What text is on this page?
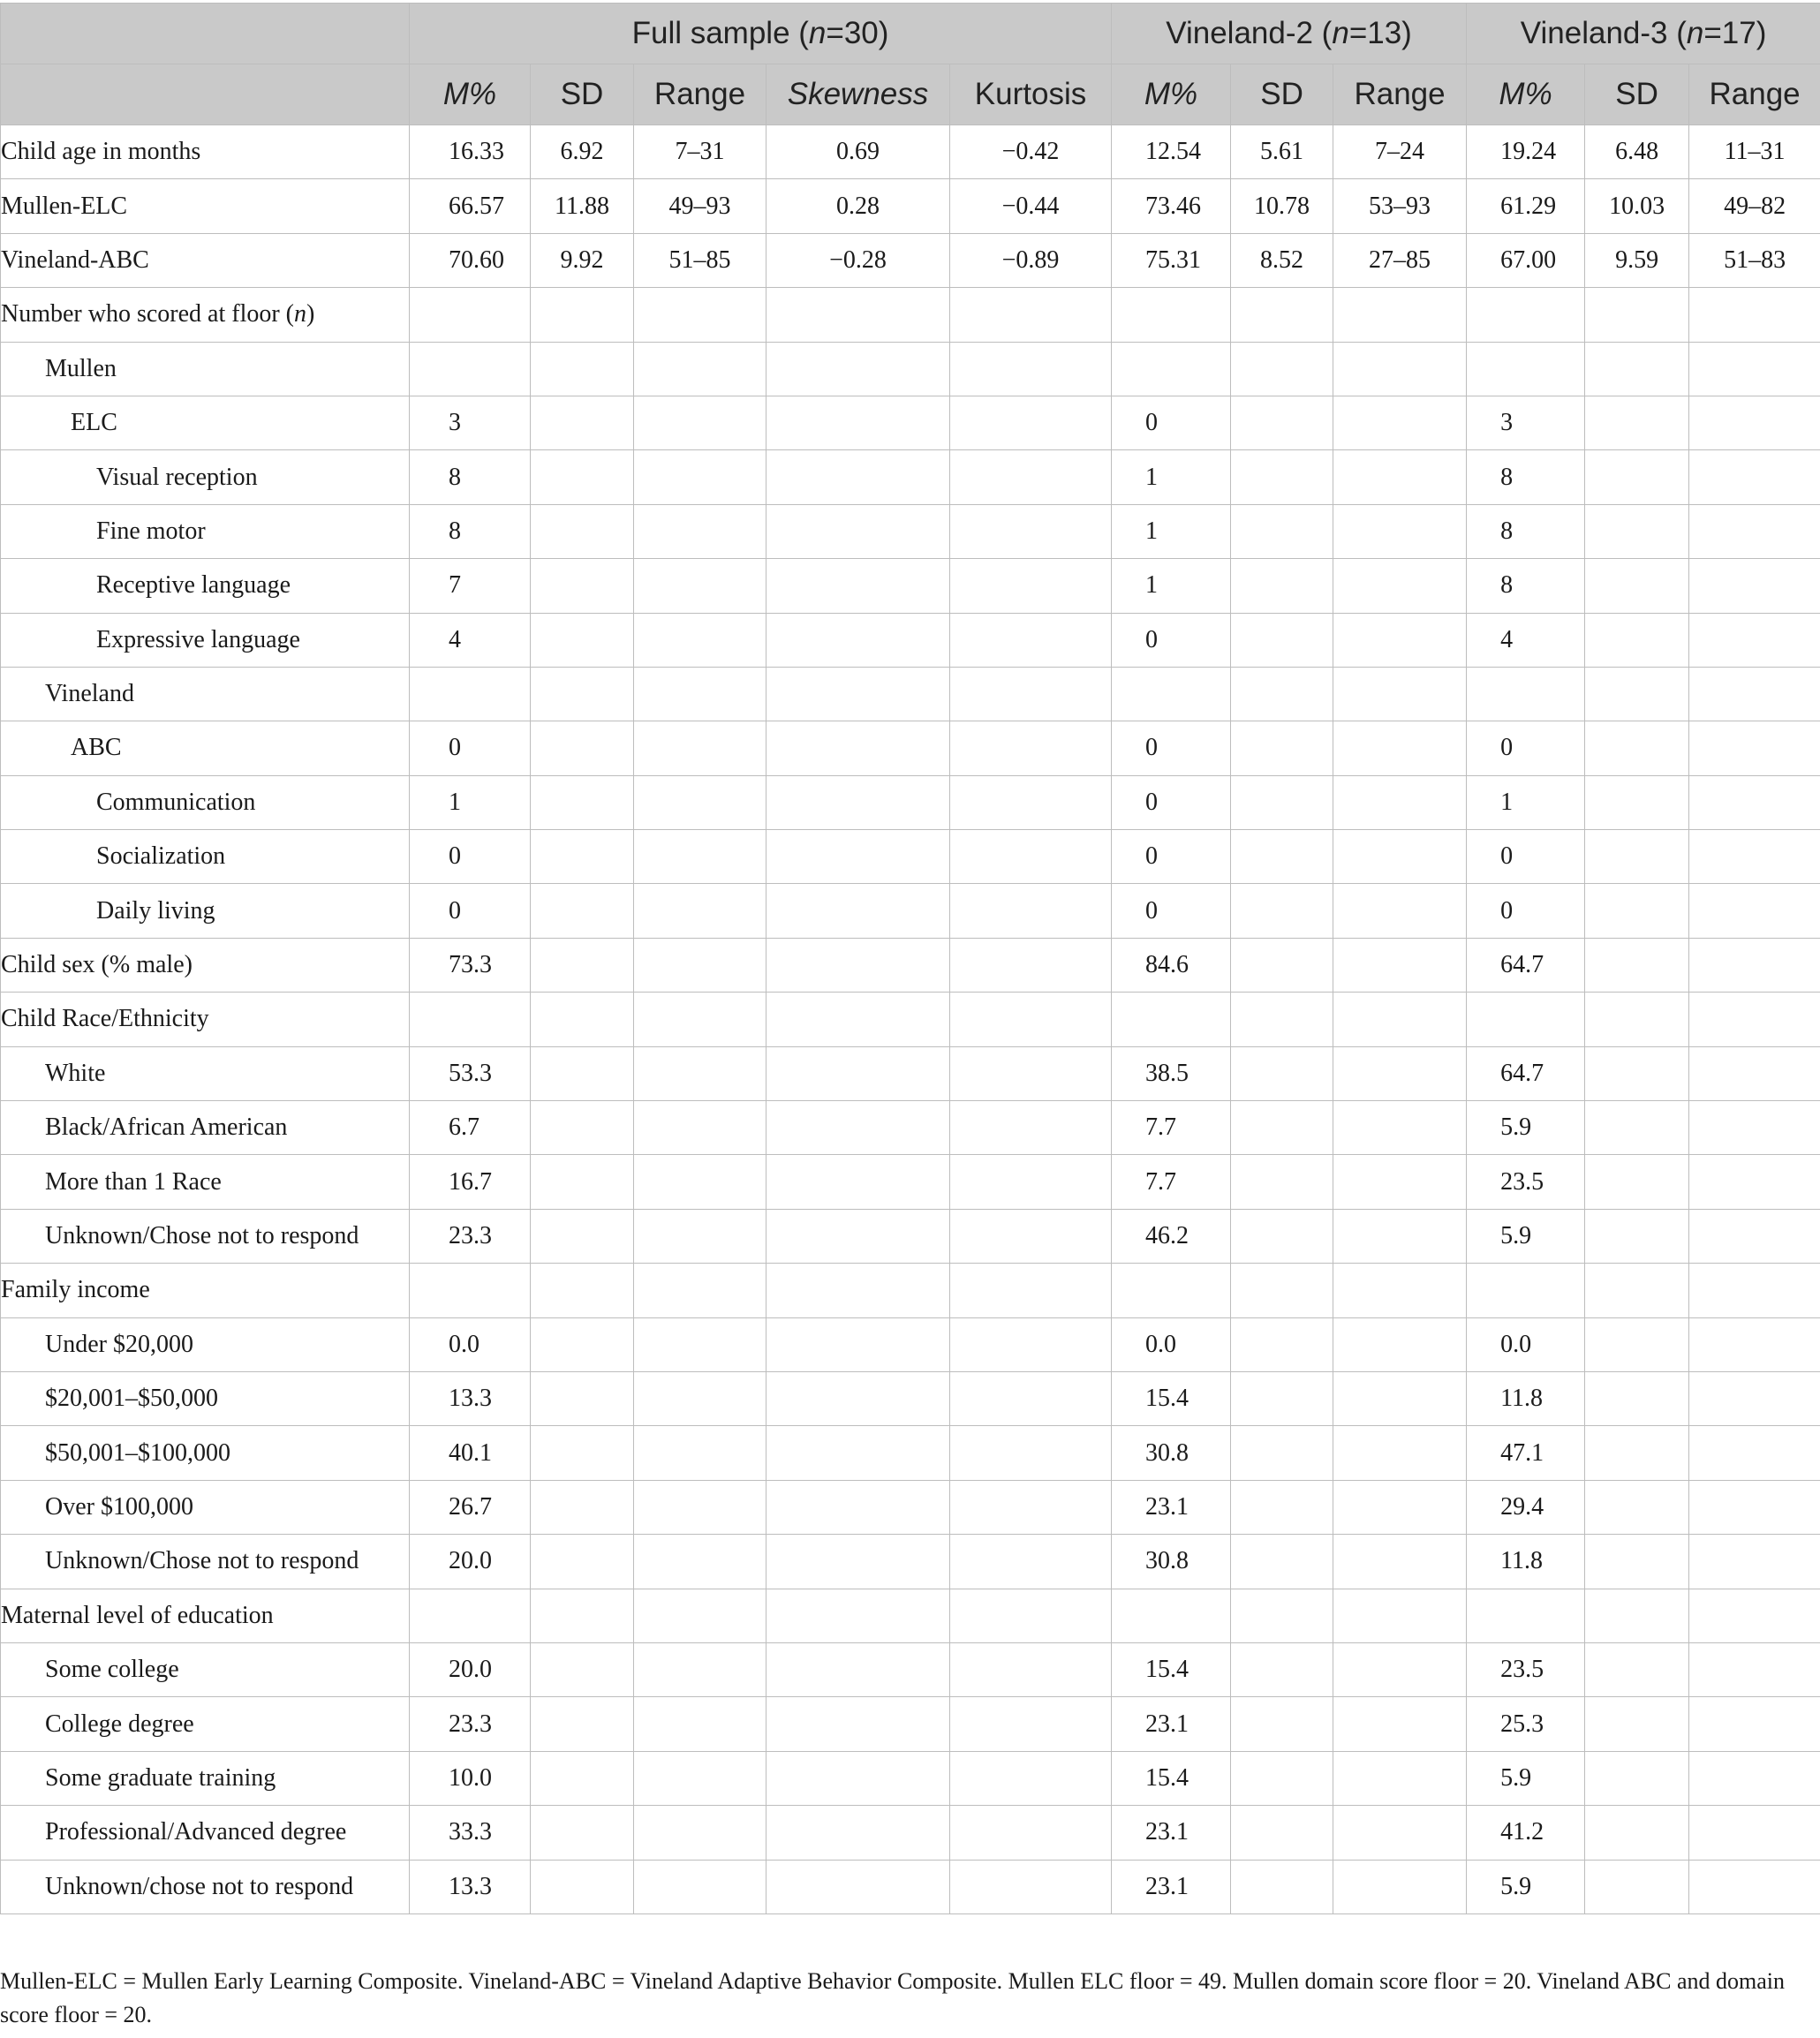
	Full sample (n=30)					Vineland-2 (n=13)			Vineland-3 (n=17)		
	M%	SD	Range	Skewness	Kurtosis	M%	SD	Range	M%	SD	Range
Child age in months	16.33	6.92	7–31	0.69	−0.42	12.54	5.61	7–24	19.24	6.48	11–31
Mullen-ELC	66.57	11.88	49–93	0.28	−0.44	73.46	10.78	53–93	61.29	10.03	49–82
Vineland-ABC	70.60	9.92	51–85	−0.28	−0.89	75.31	8.52	27–85	67.00	9.59	51–83
Number who scored at floor (n)											
Mullen											
ELC	3					0			3		
Visual reception	8					1			8		
Fine motor	8					1			8		
Receptive language	7					1			8		
Expressive language	4					0			4		
Vineland											
ABC	0					0			0		
Communication	1					0			1		
Socialization	0					0			0		
Daily living	0					0			0		
Child sex (% male)	73.3					84.6			64.7		
Child Race/Ethnicity											
White	53.3					38.5			64.7		
Black/African American	6.7					7.7			5.9		
More than 1 Race	16.7					7.7			23.5		
Unknown/Chose not to respond	23.3					46.2			5.9		
Family income											
Under $20,000	0.0					0.0			0.0		
$20,001–$50,000	13.3					15.4			11.8		
$50,001–$100,000	40.1					30.8			47.1		
Over $100,000	26.7					23.1			29.4		
Unknown/Chose not to respond	20.0					30.8			11.8		
Maternal level of education											
Some college	20.0					15.4			23.5		
College degree	23.3					23.1			25.3		
Some graduate training	10.0					15.4			5.9		
Professional/Advanced degree	33.3					23.1			41.2		
Unknown/chose not to respond	13.3					23.1			5.9		
Mullen-ELC = Mullen Early Learning Composite. Vineland-ABC = Vineland Adaptive Behavior Composite. Mullen ELC floor = 49. Mullen domain score floor = 20. Vineland ABC and domain score floor = 20.
